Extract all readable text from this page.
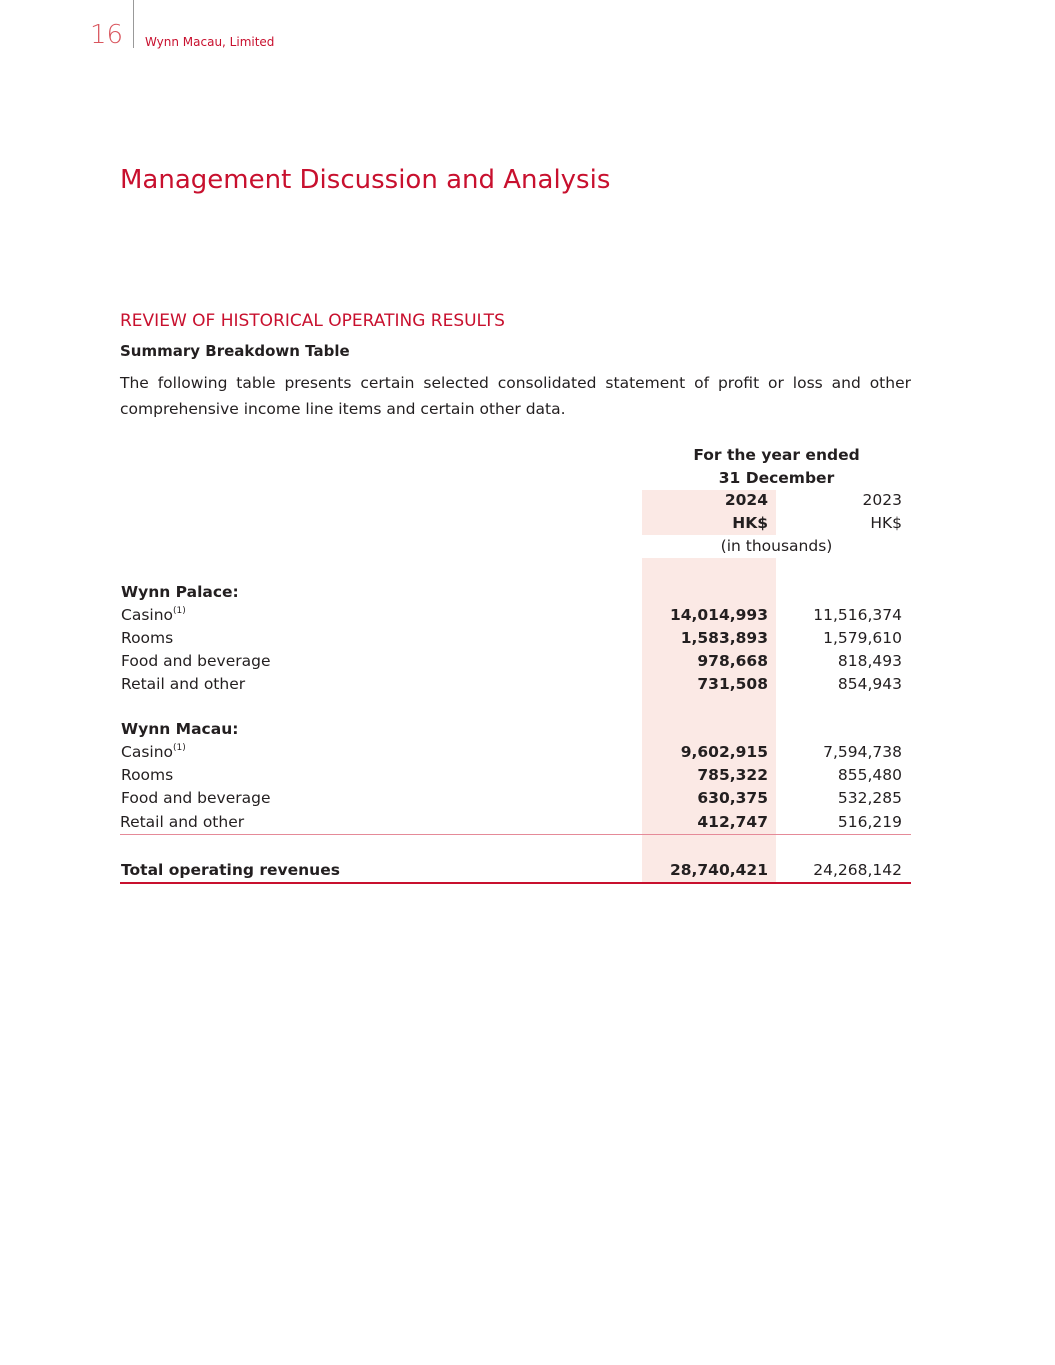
16 Wynn Macau, Limited
Management Discussion and Analysis
REVIEW OF HISTORICAL OPERATING RESULTS
Summary Breakdown Table
The following table presents certain selected consolidated statement of profit or loss and other comprehensive income line items and certain other data.
For the year ended
31 December
2024	2023
HK$	HK$
(in thousands)
Wynn Palace:
Casino$^{(1)}$	14,014,993	11,516,374
Rooms	1,583,893	1,579,610
Food and beverage	978,668	818,493
Retail and other	731,508	854,943
Wynn Macau:
Casino$^{(1)}$	9,602,915	7,594,738
Rooms	785,322	855,480
Food and beverage	630,375	532,285
Retail and other	412,747	516,219
Total operating revenues	28,740,421	24,268,142
